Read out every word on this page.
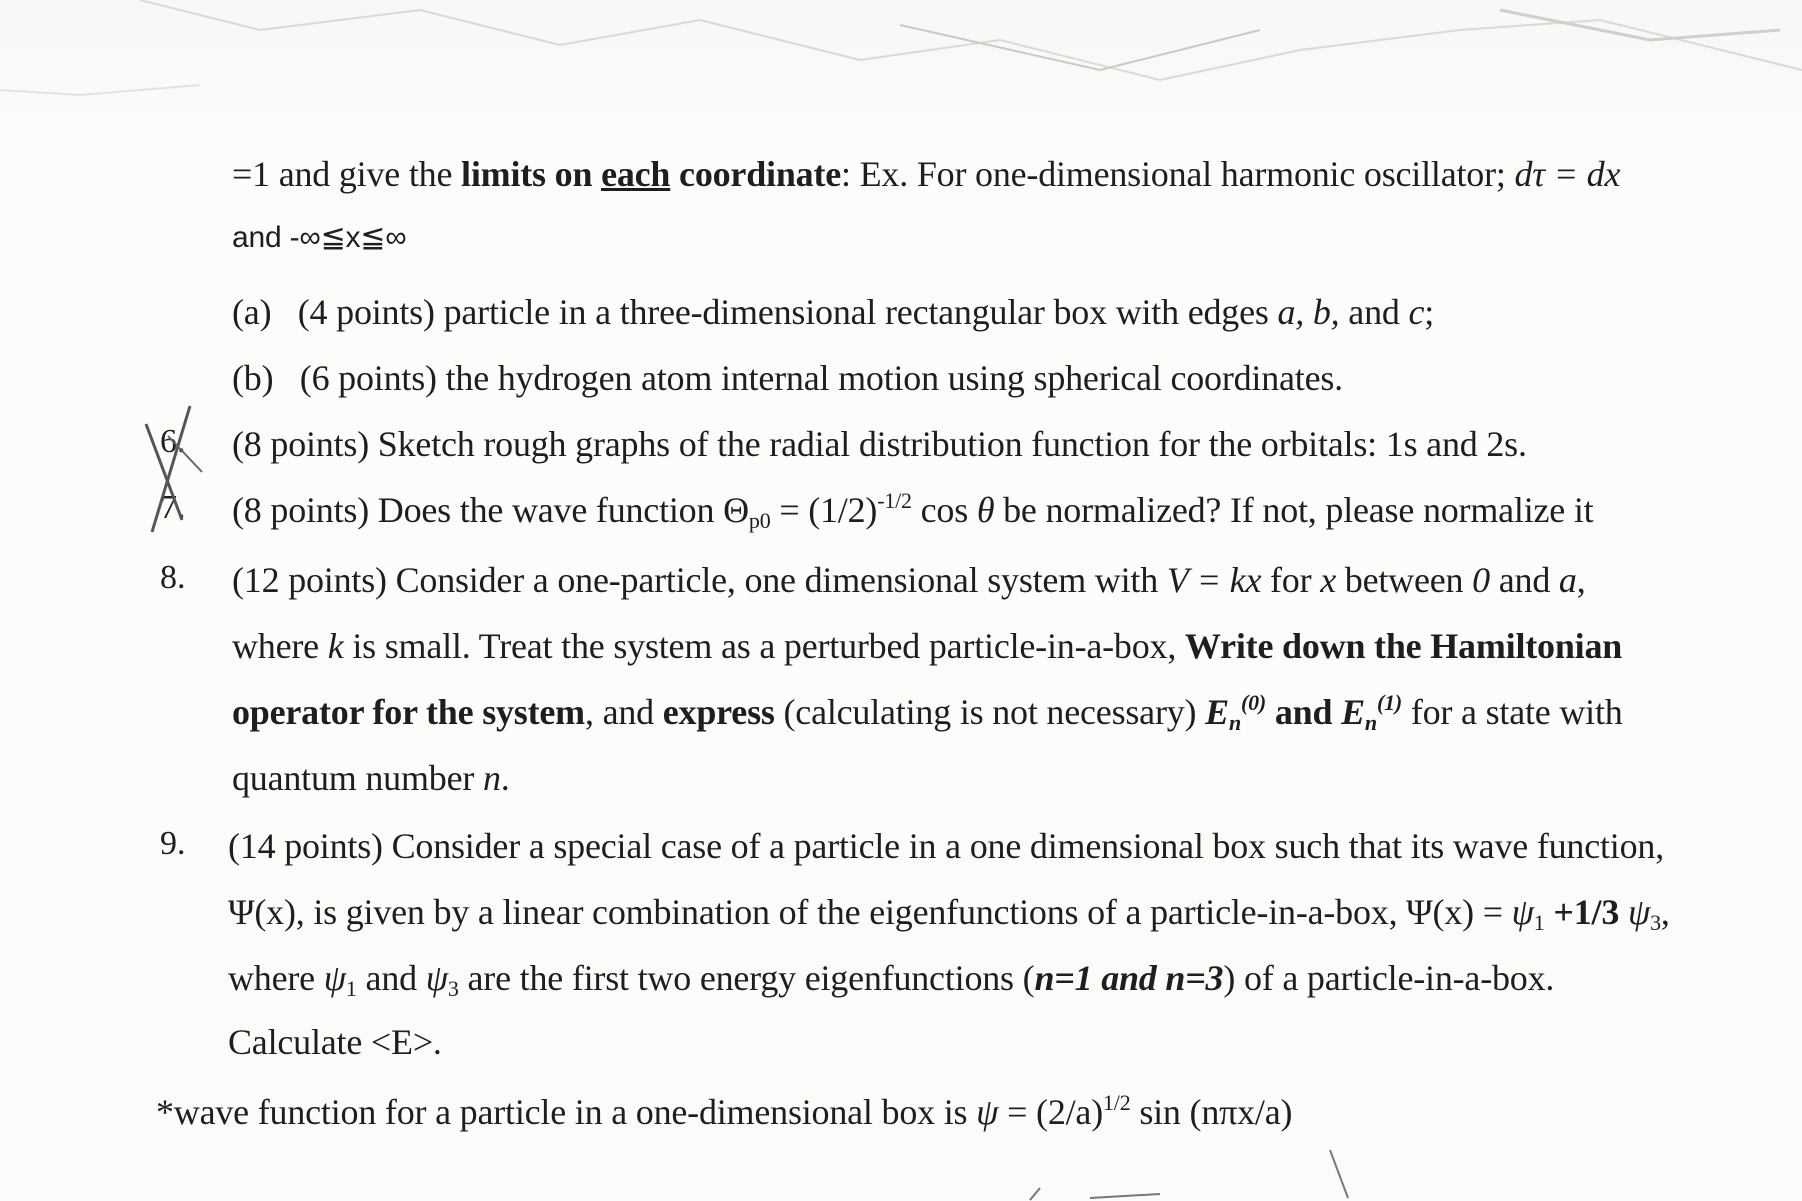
=1 and give the limits on each coordinate: Ex. For one-dimensional harmonic oscillator; dτ = dx
and -∞≦x≦∞
(a) (4 points) particle in a three-dimensional rectangular box with edges a, b, and c;
(b) (6 points) the hydrogen atom internal motion using spherical coordinates.
6. (8 points) Sketch rough graphs of the radial distribution function for the orbitals: 1s and 2s.
7. (8 points) Does the wave function $\Theta_{p0} = (1/2)^{-1/2}$ cos θ be normalized? If not, please normalize it
8. (12 points) Consider a one-particle, one dimensional system with V = kx for x between 0 and a,
where k is small. Treat the system as a perturbed particle-in-a-box, Write down the Hamiltonian
operator for the system, and express (calculating is not necessary) $E_n^{(0)}$ and $E_n^{(1)}$ for a state with
quantum number n.
9. (14 points) Consider a special case of a particle in a one dimensional box such that its wave function,
Ψ(x), is given by a linear combination of the eigenfunctions of a particle-in-a-box, $\Psi(x) = \psi_1 +1/3$ $\psi_3$,
where $\psi_1$ and $\psi_3$ are the first two energy eigenfunctions (n=1 and n=3) of a particle-in-a-box.
Calculate <E>.
*wave function for a particle in a one-dimensional box is $\psi = (2/a)^{1/2}$ sin (nπx/a)
